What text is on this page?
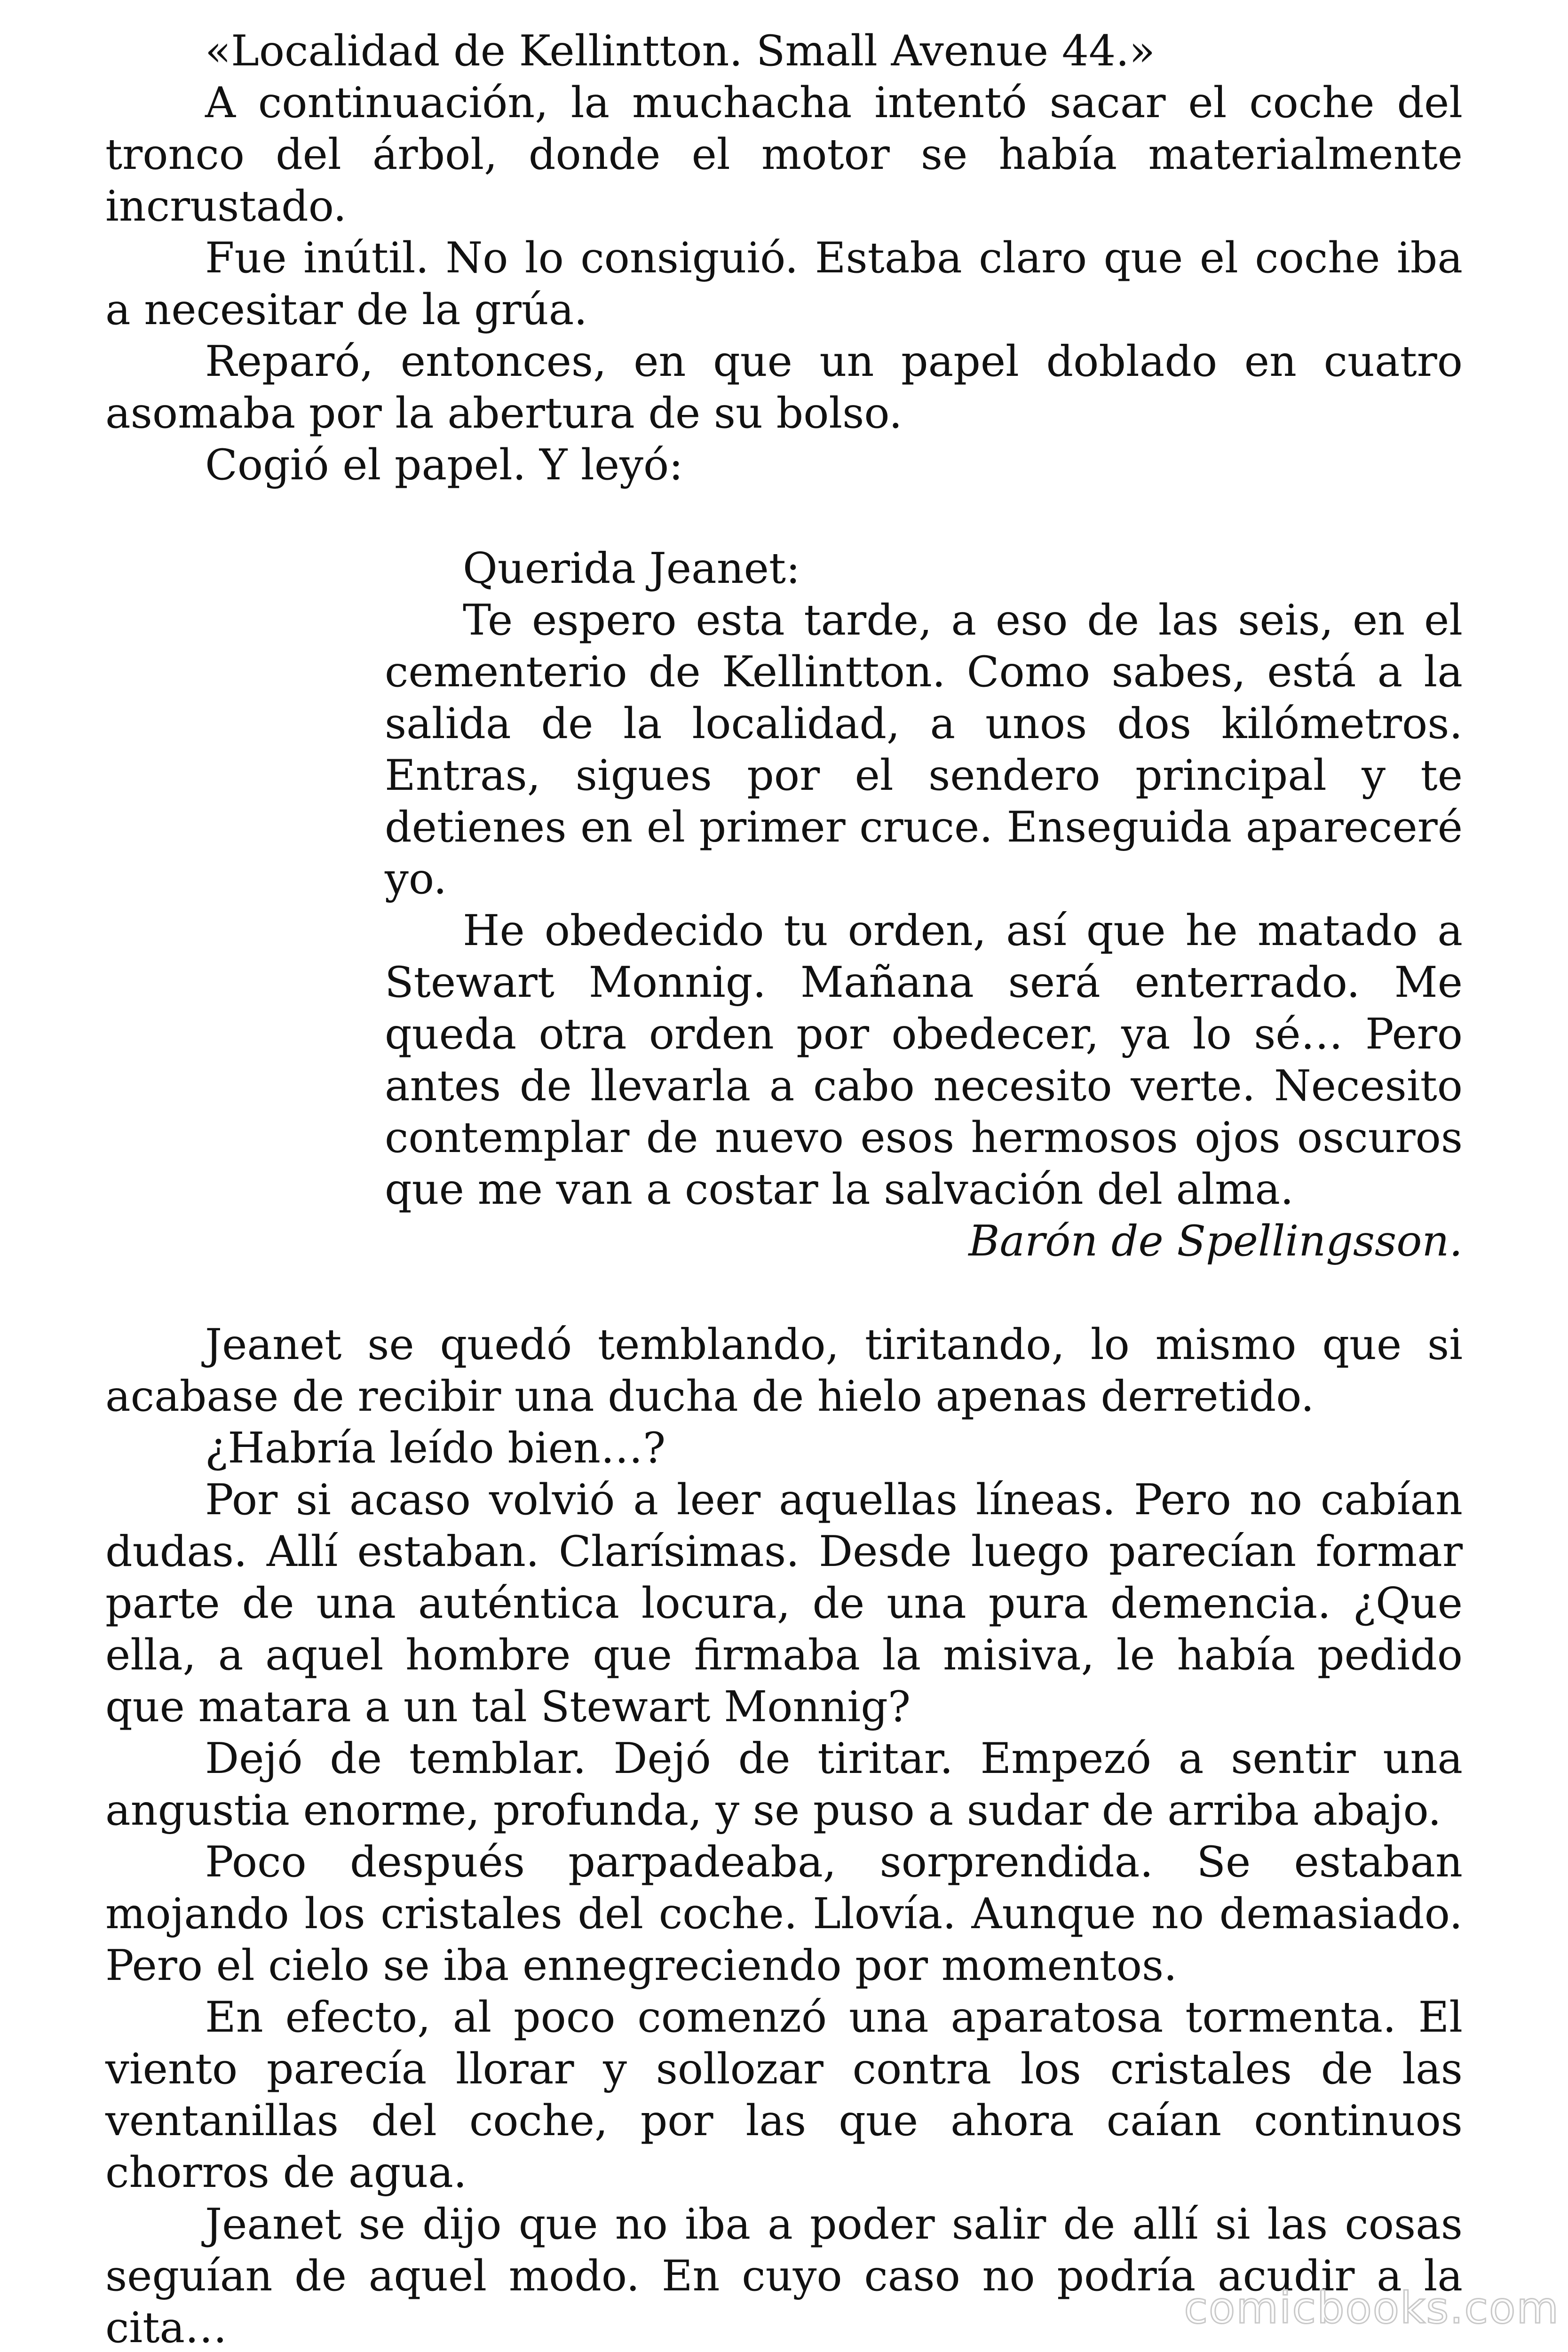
«Localidad de Kellintton. Small Avenue 44.»

A continuación, la muchacha intentó sacar el coche del tronco del árbol, donde el motor se había materialmente incrustado.

Fue inútil. No lo consiguió. Estaba claro que el coche iba a necesitar de la grúa.

Reparó, entonces, en que un papel doblado en cuatro asomaba por la abertura de su bolso.

Cogió el papel. Y leyó:

Querida Jeanet:

Te espero esta tarde, a eso de las seis, en el cementerio de Kellintton. Como sabes, está a la salida de la localidad, a unos dos kilómetros. Entras, sigues por el sendero principal y te detienes en el primer cruce. Enseguida apareceré yo.

He obedecido tu orden, así que he matado a Stewart Monnig. Mañana será enterrado. Me queda otra orden por obedecer, ya lo sé… Pero antes de llevarla a cabo necesito verte. Necesito contemplar de nuevo esos hermosos ojos oscuros que me van a costar la salvación del alma.

Barón de Spellingsson.

Jeanet se quedó temblando, tiritando, lo mismo que si acabase de recibir una ducha de hielo apenas derretido.

¿Habría leído bien…?

Por si acaso volvió a leer aquellas líneas. Pero no cabían dudas. Allí estaban. Clarísimas. Desde luego parecían formar parte de una auténtica locura, de una pura demencia. ¿Que ella, a aquel hombre que firmaba la misiva, le había pedido que matara a un tal Stewart Monnig?

Dejó de temblar. Dejó de tiritar. Empezó a sentir una angustia enorme, profunda, y se puso a sudar de arriba abajo.

Poco después parpadeaba, sorprendida. Se estaban mojando los cristales del coche. Llovía. Aunque no demasiado. Pero el cielo se iba ennegreciendo por momentos.

En efecto, al poco comenzó una aparatosa tormenta. El viento parecía llorar y sollozar contra los cristales de las ventanillas del coche, por las que ahora caían continuos chorros de agua.

Jeanet se dijo que no iba a poder salir de allí si las cosas seguían de aquel modo. En cuyo caso no podría acudir a la cita…	comicbooks.com
